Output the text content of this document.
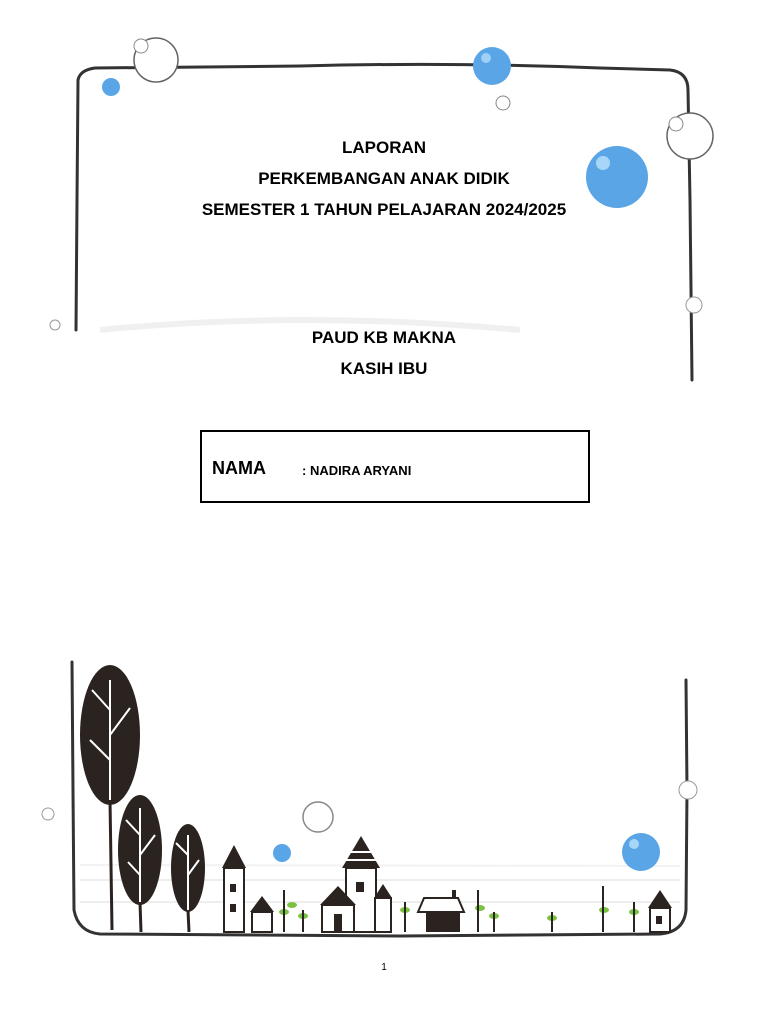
LAPORAN
PERKEMBANGAN ANAK DIDIK
SEMESTER 1 TAHUN PELAJARAN 2024/2025
PAUD KB MAKNA
KASIH IBU
NAMA	: NADIRA ARYANI
1
